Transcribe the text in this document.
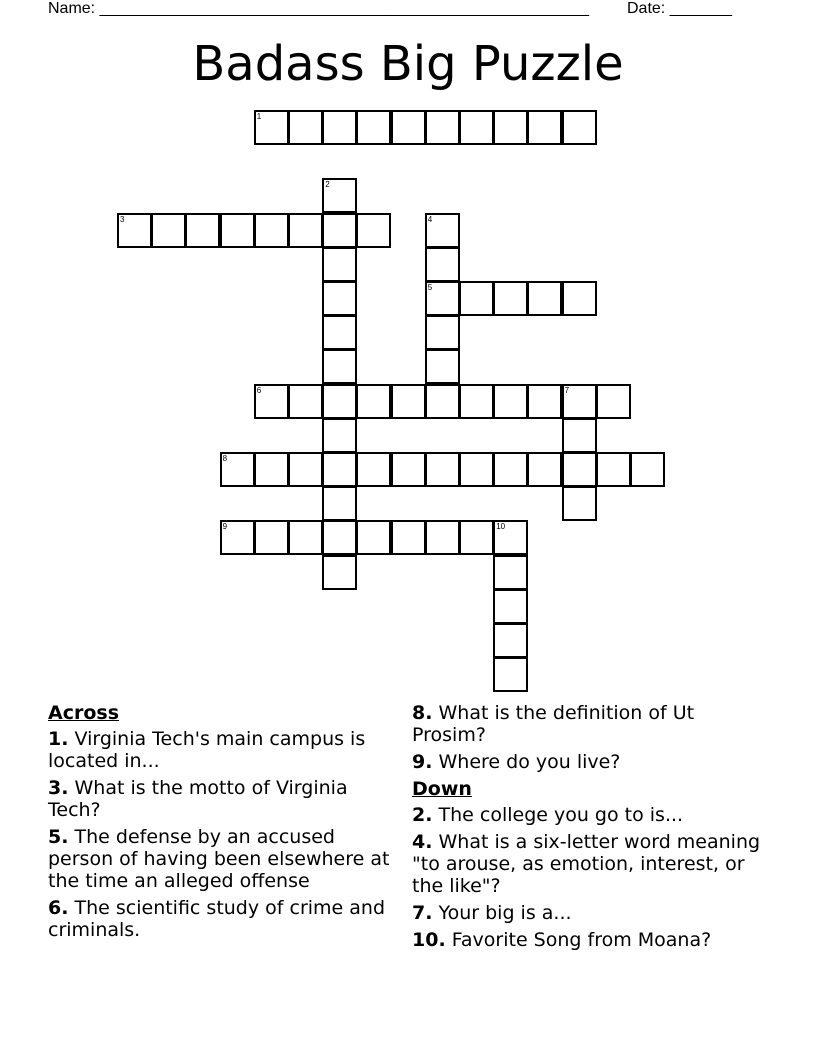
Name: _______________________________________________________

Date: _______

Badass Big Puzzle
1
2
3	4
5
6	7
8
9	10
Across
1. Virginia Tech's main campus is located in...
3. What is the motto of Virginia Tech?
5. The defense by an accused person of having been elsewhere at the time an alleged offense
6. The scientific study of crime and criminals.
8. What is the definition of Ut Prosim?
9. Where do you live?
Down
2. The college you go to is...
4. What is a six-letter word meaning "to arouse, as emotion, interest, or the like"?
7. Your big is a...
10. Favorite Song from Moana?
